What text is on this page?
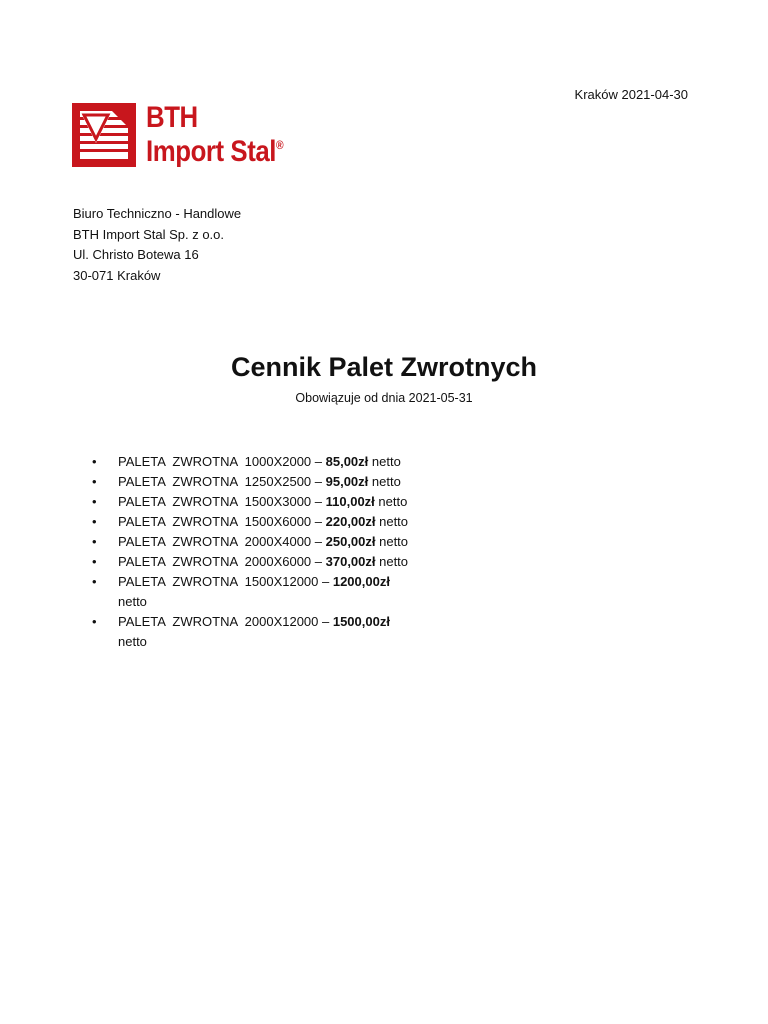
Kraków 2021-04-30
BTH
Import Stal®
Biuro Techniczno - Handlowe
BTH Import Stal Sp. z o.o.
Ul. Christo Botewa 16
30-071 Kraków
Cennik Palet Zwrotnych
Obowiązuje od dnia 2021-05-31
•	PALETA  ZWROTNA  1000X2000 – 85,00zł netto
•	PALETA  ZWROTNA  1250X2500 – 95,00zł netto
•	PALETA  ZWROTNA  1500X3000 – 110,00zł netto
•	PALETA  ZWROTNA  1500X6000 – 220,00zł netto
•	PALETA  ZWROTNA  2000X4000 – 250,00zł netto
•	PALETA  ZWROTNA  2000X6000 – 370,00zł netto
•	PALETA  ZWROTNA  1500X12000 – 1200,00zł netto
•	PALETA  ZWROTNA  2000X12000 – 1500,00zł netto
